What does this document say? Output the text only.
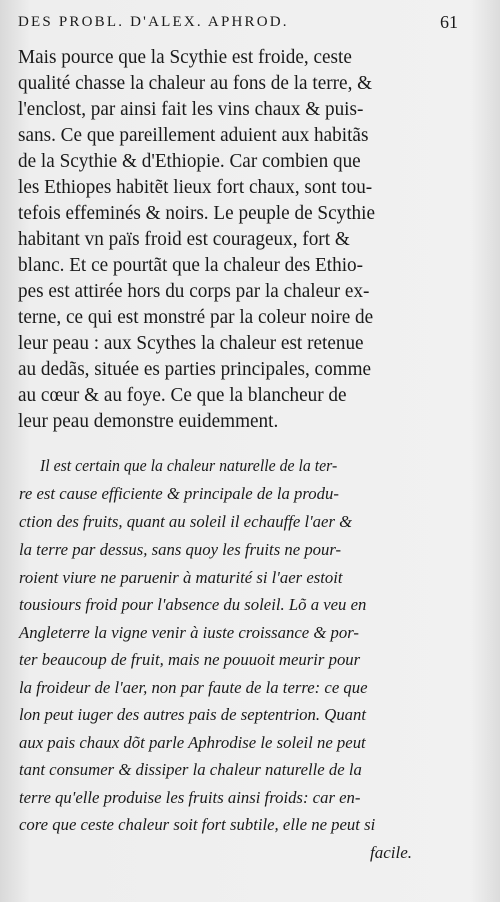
DES PROBL. D'ALEX. APHROD.	61
Mais pource que la Scythie est froide, ceste
qualité chasse la chaleur au fons de la terre, &
l'enclost, par ainsi fait les vins chaux & puis-
sans. Ce que pareillement aduient aux habitãs
de la Scythie & d'Ethiopie. Car combien que
les Ethiopes habitẽt lieux fort chaux, sont tou-
tefois effeminés & noirs. Le peuple de Scythie
habitant vn païs froid est courageux, fort &
blanc. Et ce pourtãt que la chaleur des Ethio-
pes est attirée hors du corps par la chaleur ex-
terne, ce qui est monstré par la coleur noire de
leur peau : aux Scythes la chaleur est retenue
au dedãs, située es parties principales, comme
au cœur & au foye. Ce que la blancheur de
leur peau demonstre euidemment.
Il est certain que la chaleur naturelle de la ter-
re est cause efficiente & principale de la produ-
ction des fruits, quant au soleil il echauffe l'aer &
la terre par dessus, sans quoy les fruits ne pour-
roient viure ne paruenir à maturité si l'aer estoit
tousiours froid pour l'absence du soleil. Lõ a veu en
Angleterre la vigne venir à iuste croissance & por-
ter beaucoup de fruit, mais ne pouuoit meurir pour
la froideur de l'aer, non par faute de la terre: ce que
lon peut iuger des autres pais de septentrion. Quant
aux pais chaux dõt parle Aphrodise le soleil ne peut
tant consumer & dissiper la chaleur naturelle de la
terre qu'elle produise les fruits ainsi froids: car en-
core que ceste chaleur soit fort subtile, elle ne peut si
facile.
